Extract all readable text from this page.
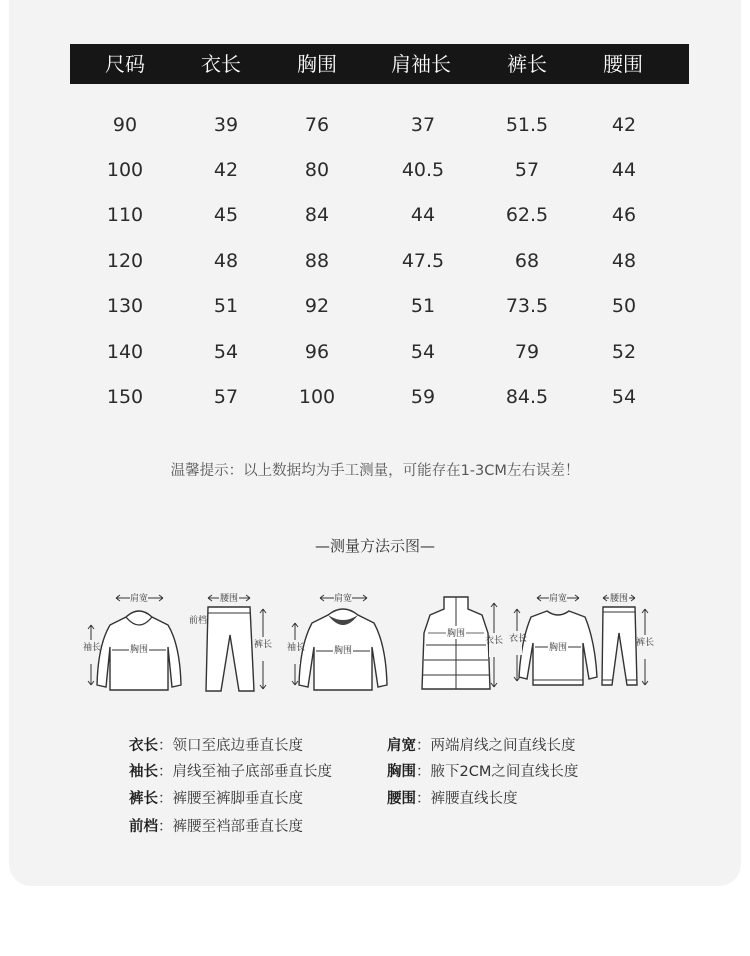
尺码	衣长	胸围	肩袖长	裤长	腰围
90	39	76	37	51.5	42
100	42	80	40.5	57	44
110	45	84	44	62.5	46
120	48	88	47.5	68	48
130	51	92	51	73.5	50
140	54	96	54	79	52
150	57	100	59	84.5	54
温馨提示：以上数据均为手工测量，可能存在1-3CM左右误差！
—测量方法示图—
肩宽
袖长	胸围
腰围
前档
裤长
肩宽
袖长	胸围
衣长
胸围
肩宽
衣长
胸围
腰围
裤长
衣长：领口至底边垂直长度
袖长：肩线至袖子底部垂直长度
裤长：裤腰至裤脚垂直长度
前档：裤腰至裆部垂直长度
肩宽：两端肩线之间直线长度
胸围：腋下2CM之间直线长度
腰围：裤腰直线长度
